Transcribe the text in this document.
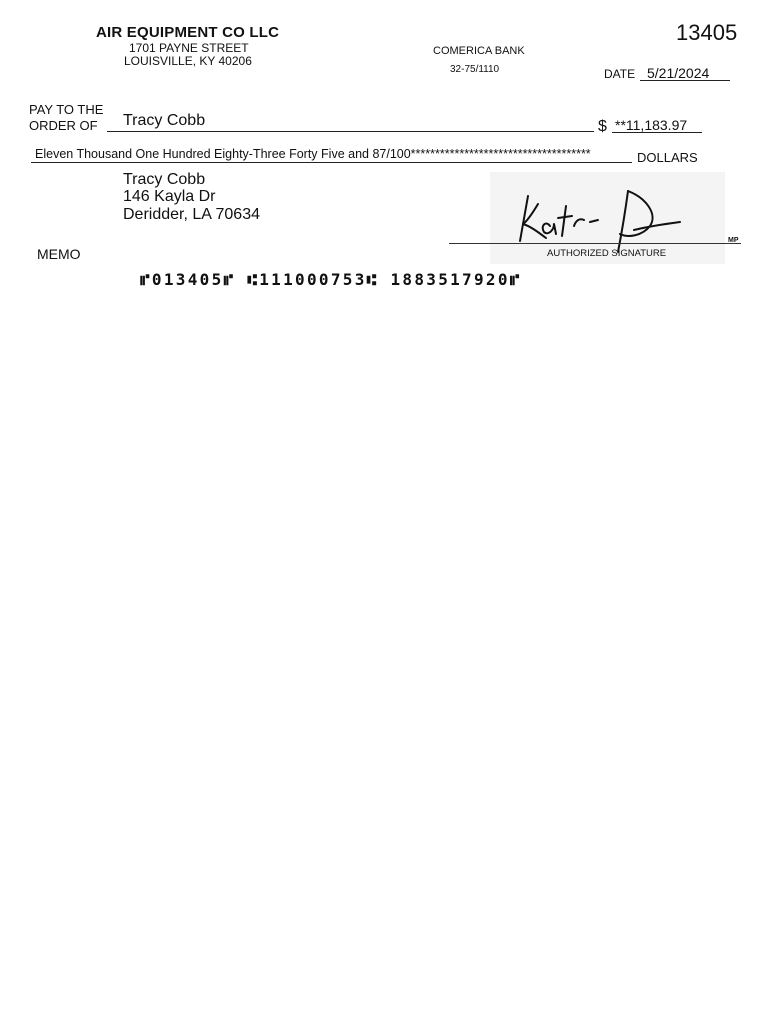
AIR EQUIPMENT CO LLC
1701 PAYNE STREET
LOUISVILLE, KY 40206
13405
COMERICA BANK
32-75/1110	DATE 5/21/2024
PAY TO THE
ORDER OF Tracy Cobb	$ **11,183.97
Eleven Thousand One Hundred Eighty-Three Forty Five and 87/100*************************************	DOLLARS
Tracy Cobb
146 Kayla Dr
Deridder, LA 70634
AUTHORIZED SIGNATURE
MP
MEMO
⑈013405⑈ ⑆111000753⑆ 1883517920⑈
